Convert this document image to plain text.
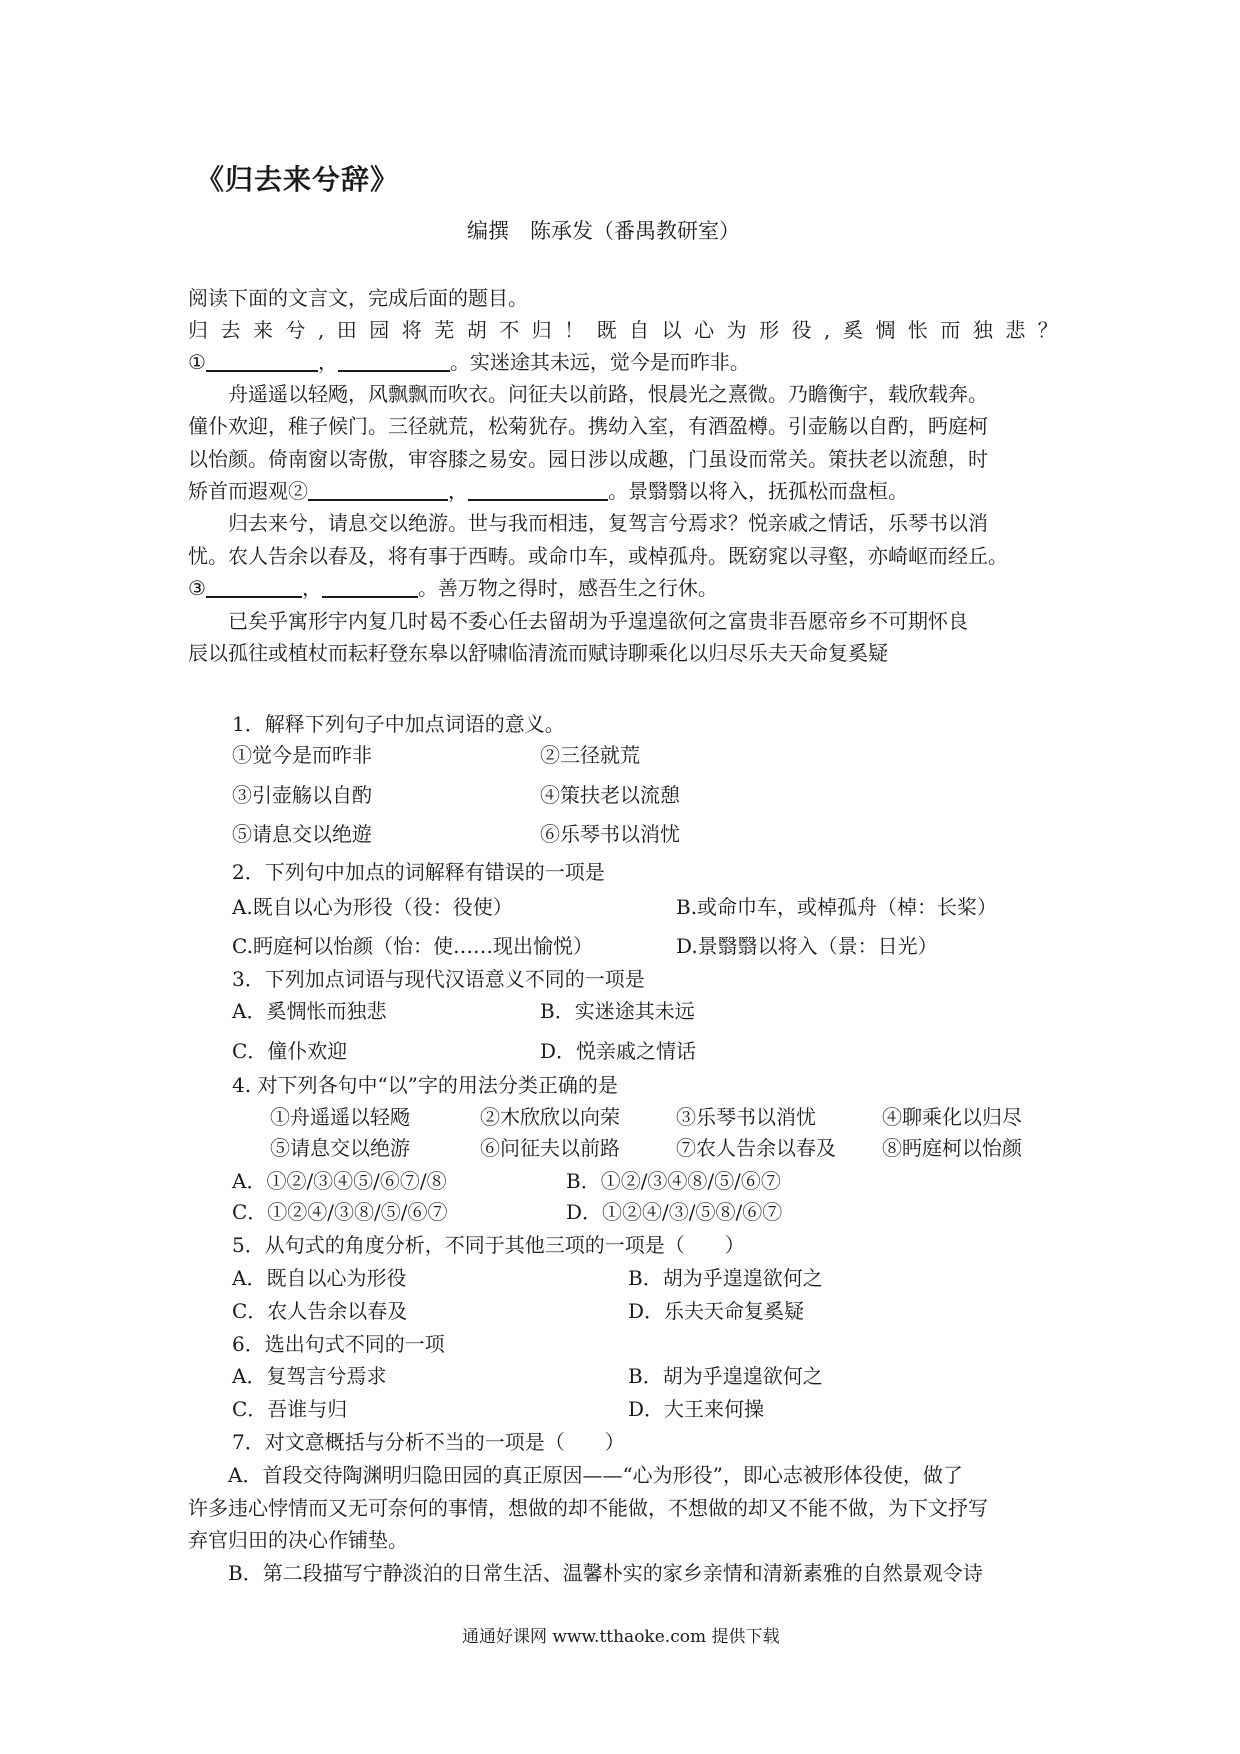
《归去来兮辞》
编撰　陈承发（番禺教研室）
阅读下面的文言文，完成后面的题目。
归 去 来 兮 , 田 园 将 芜 胡 不 归 ！ 既 自 以 心 为 形 役 , 奚 惆 怅 而 独 悲 ？
①	，	。实迷途其未远，觉今是而昨非。
　　舟遥遥以轻飏，风飘飘而吹衣。问征夫以前路，恨晨光之熹微。乃瞻衡宇，载欣载奔。
僮仆欢迎，稚子候门。三径就荒，松菊犹存。携幼入室，有酒盈樽。引壶觞以自酌，眄庭柯
以怡颜。倚南窗以寄傲，审容膝之易安。园日涉以成趣，门虽设而常关。策扶老以流憩，时
矫首而遐观②	，	。景翳翳以将入，抚孤松而盘桓。
　　归去来兮，请息交以绝游。世与我而相违，复驾言兮焉求？悦亲戚之情话，乐琴书以消
忧。农人告余以春及，将有事于西畴。或命巾车，或棹孤舟。既窈窕以寻壑，亦崎岖而经丘。
③	，	。善万物之得时，感吾生之行休。
　　已矣乎寓形宇内复几时曷不委心任去留胡为乎遑遑欲何之富贵非吾愿帝乡不可期怀良
辰以孤往或植杖而耘耔登东皋以舒啸临清流而赋诗聊乘化以归尽乐夫天命复奚疑
1．解释下列句子中加点词语的意义。
①觉今是而昨非	②三径就荒
③引壶觞以自酌	④策扶老以流憩
⑤请息交以绝遊	⑥乐琴书以消忧
2．下列句中加点的词解释有错误的一项是
A.既自以心为形役（役：役使）	B.或命巾车，或棹孤舟（棹：长桨）
C.眄庭柯以怡颜（怡：使……现出愉悦）	D.景翳翳以将入（景：日光）
3．下列加点词语与现代汉语意义不同的一项是
A．奚惆怅而独悲	B．实迷途其未远
C．僮仆欢迎	D．悦亲戚之情话
4. 对下列各句中“以”字的用法分类正确的是
①舟遥遥以轻飏	②木欣欣以向荣	③乐琴书以消忧	④聊乘化以归尽
⑤请息交以绝游	⑥问征夫以前路	⑦农人告余以春及 ⑧眄庭柯以怡颜
A．①②/③④⑤/⑥⑦/⑧	B．①②/③④⑧/⑤/⑥⑦
C．①②④/③⑧/⑤/⑥⑦	D．①②④/③/⑤⑧/⑥⑦
5．从句式的角度分析，不同于其他三项的一项是（　　）
A．既自以心为形役	B．胡为乎遑遑欲何之
C．农人告余以春及	D．乐夫天命复奚疑
6．选出句式不同的一项
A．复驾言兮焉求	B．胡为乎遑遑欲何之
C．吾谁与归	D．大王来何操
7．对文意概括与分析不当的一项是（　　）
　　A．首段交待陶渊明归隐田园的真正原因——“心为形役”，即心志被形体役使，做了
许多违心悖情而又无可奈何的事情，想做的却不能做，不想做的却又不能不做，为下文抒写
弃官归田的决心作铺垫。
　　B．第二段描写宁静淡泊的日常生活、温馨朴实的家乡亲情和清新素雅的自然景观令诗
通通好课网 www.tthaoke.com 提供下载
